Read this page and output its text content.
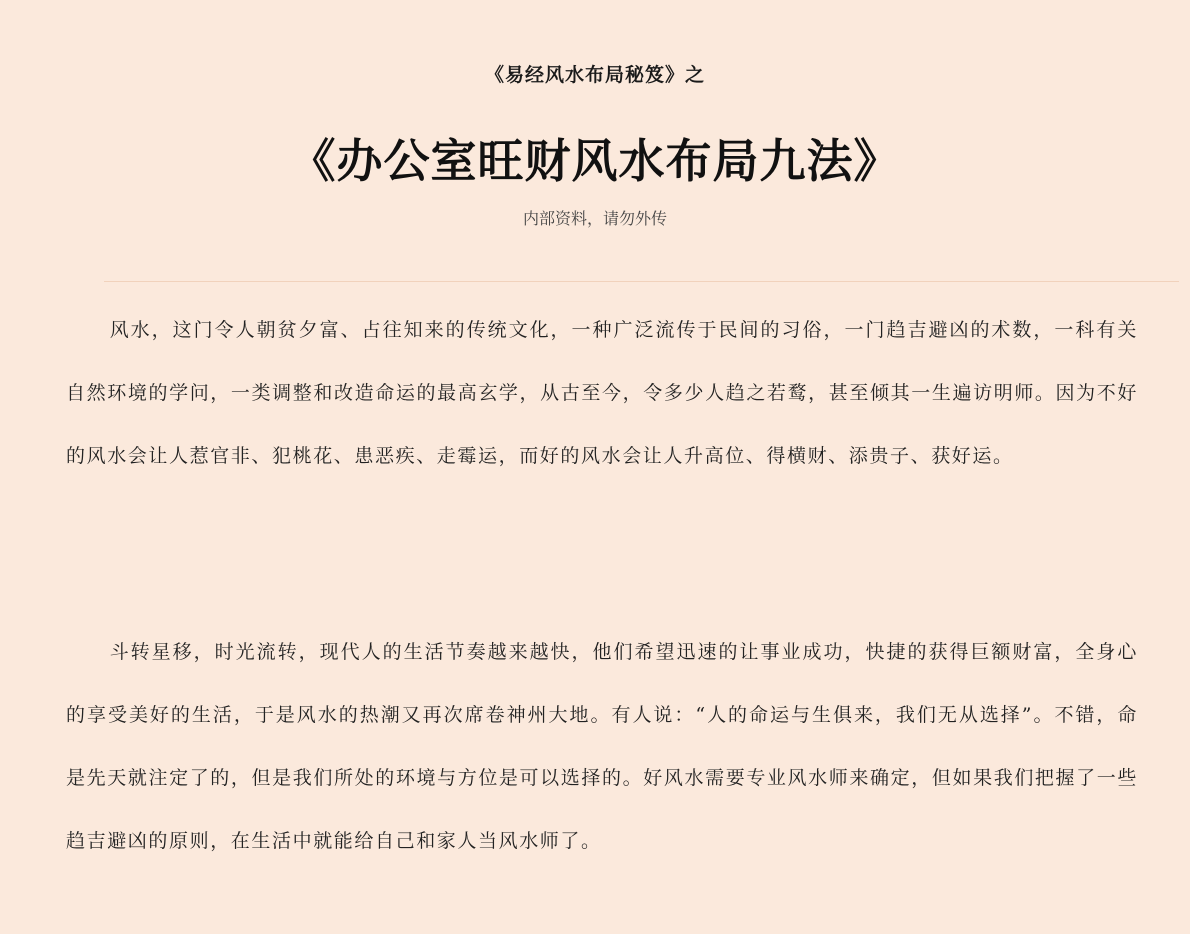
《易经风水布局秘笈》之
《办公室旺财风水布局九法》
内部资料，请勿外传

风水，这门令人朝贫夕富、占往知来的传统文化，一种广泛流传于民间的习俗，一门趋吉避凶的术数，一科有关自然环境的学问，一类调整和改造命运的最高玄学，从古至今，令多少人趋之若鹜，甚至倾其一生遍访明师。因为不好的风水会让人惹官非、犯桃花、患恶疾、走霉运，而好的风水会让人升高位、得横财、添贵子、获好运。

斗转星移，时光流转，现代人的生活节奏越来越快，他们希望迅速的让事业成功，快捷的获得巨额财富，全身心的享受美好的生活，于是风水的热潮又再次席卷神州大地。有人说：“人的命运与生俱来，我们无从选择”。不错，命是先天就注定了的，但是我们所处的环境与方位是可以选择的。好风水需要专业风水师来确定，但如果我们把握了一些趋吉避凶的原则，在生活中就能给自己和家人当风水师了。
